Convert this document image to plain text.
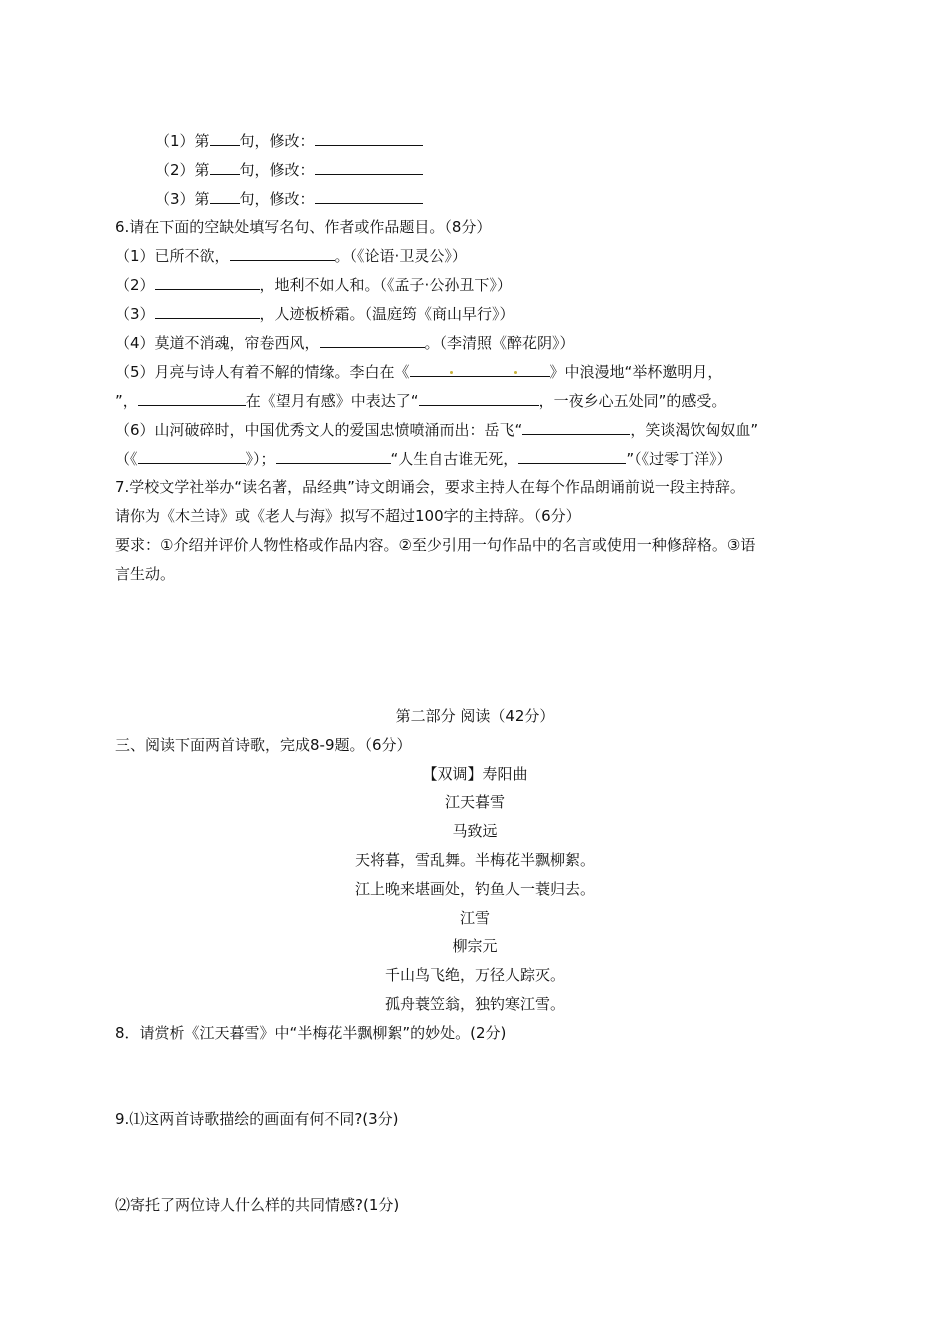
（1）第 句，修改：
（2）第 句，修改：
（3）第 句，修改：
6.请在下面的空缺处填写名句、作者或作品题目。（8分）
（1）已所不欲，	。（《论语·卫灵公》）
（2）	，地利不如人和。（《孟子·公孙丑下》）
（3）	，人迹板桥霜。（温庭筠《商山早行》）
（4）莫道不消魂，帘卷西风，	。（李清照《醉花阴》）
（5）月亮与诗人有着不解的情缘。李白在《	》中浪漫地“举杯邀明月，
”，	在《望月有感》中表达了“	，一夜乡心五处同”的感受。
（6）山河破碎时，中国优秀文人的爱国忠愤喷涌而出：岳飞“	，笑谈渴饮匈奴血”
（《	》）；	“人生自古谁无死，	”（《过零丁洋》）
7.学校文学社举办“读名著，品经典”诗文朗诵会，要求主持人在每个作品朗诵前说一段主持辞。
请你为《木兰诗》或《老人与海》拟写不超过100字的主持辞。（6分）
要求：①介绍并评价人物性格或作品内容。②至少引用一句作品中的名言或使用一种修辞格。③语
言生动。
第二部分 阅读（42分）
三、阅读下面两首诗歌，完成8-9题。（6分）
【双调】寿阳曲
江天暮雪
马致远
天将暮，雪乱舞。半梅花半飘柳絮。
江上晚来堪画处，钓鱼人一蓑归去。
江雪
柳宗元
千山鸟飞绝，万径人踪灭。
孤舟蓑笠翁，独钓寒江雪。
8．请赏析《江天暮雪》中“半梅花半飘柳絮”的妙处。(2分)
9.⑴这两首诗歌描绘的画面有何不同?(3分)
⑵寄托了两位诗人什么样的共同情感?(1分)
